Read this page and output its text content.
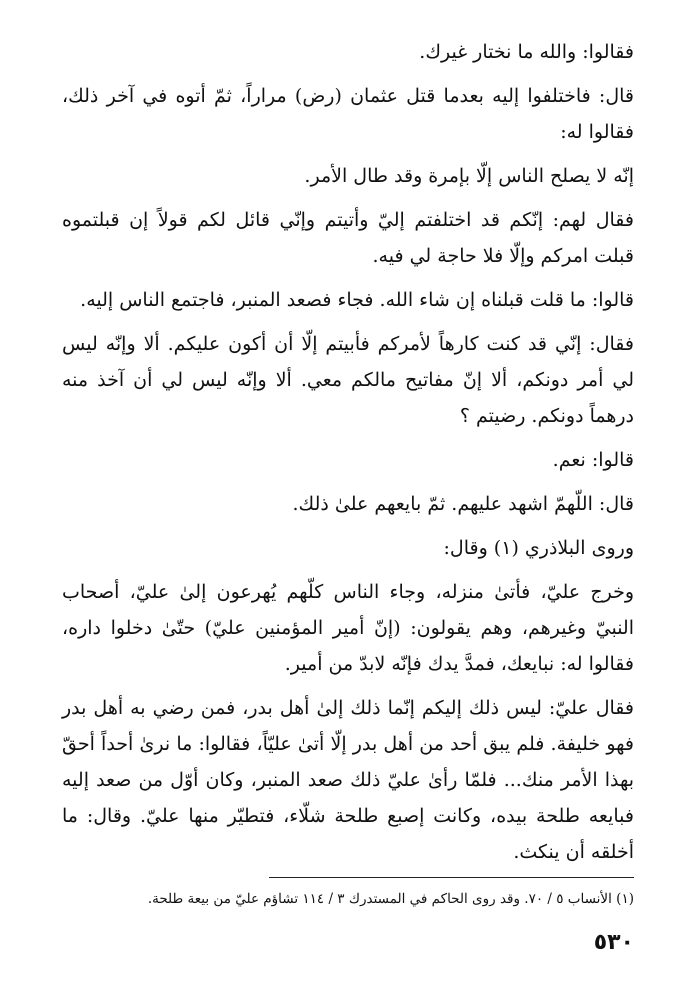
فقالوا: والله ما نختار غيرك.

قال: فاختلفوا إليه بعدما قتل عثمان (رض) مراراً، ثمّ أتوه في آخر ذلك، فقالوا له:

إنّه لا يصلح الناس إلّا بإمرة وقد طال الأمر.

فقال لهم: إنّكم قد اختلفتم إليّ وأتيتم وإنّي قائل لكم قولاً إن قبلتموه قبلت امركم وإلّا فلا حاجة لي فيه.

قالوا: ما قلت قبلناه إن شاء الله. فجاء فصعد المنبر، فاجتمع الناس إليه.

فقال: إنّي قد كنت كارهاً لأمركم فأبيتم إلّا أن أكون عليكم. ألا وإنّه ليس لي أمر دونكم، ألا إنّ مفاتيح مالكم معي. ألا وإنّه ليس لي أن آخذ منه درهماً دونكم. رضيتم ؟

قالوا: نعم.

قال: اللّهمّ اشهد عليهم. ثمّ بايعهم علىٰ ذلك.

وروى البلاذري (١) وقال:

وخرج عليّ، فأتىٰ منزله، وجاء الناس كلّهم يُهرعون إلىٰ عليّ، أصحاب النبيّ وغيرهم، وهم يقولون: (إنّ أمير المؤمنين عليّ) حتّىٰ دخلوا داره، فقالوا له: نبايعك، فمدَّ يدك فإنّه لابدّ من أمير.

فقال عليّ: ليس ذلك إليكم إنّما ذلك إلىٰ أهل بدر، فمن رضي به أهل بدر فهو خليفة. فلم يبق أحد من أهل بدر إلّا أتىٰ عليّاً، فقالوا: ما نرىٰ أحداً أحقّ بهذا الأمر منك... فلمّا رأىٰ عليّ ذلك صعد المنبر، وكان أوّل من صعد إليه فبايعه طلحة بيده، وكانت إصبع طلحة شلّاء، فتطيّر منها عليّ. وقال: ما أخلقه أن ينكث.

(١) الأنساب ٥ / ٧٠. وقد روى الحاكم في المستدرك ٣ / ١١٤ تشاؤم عليّ من بيعة طلحة.

٥٣٠
